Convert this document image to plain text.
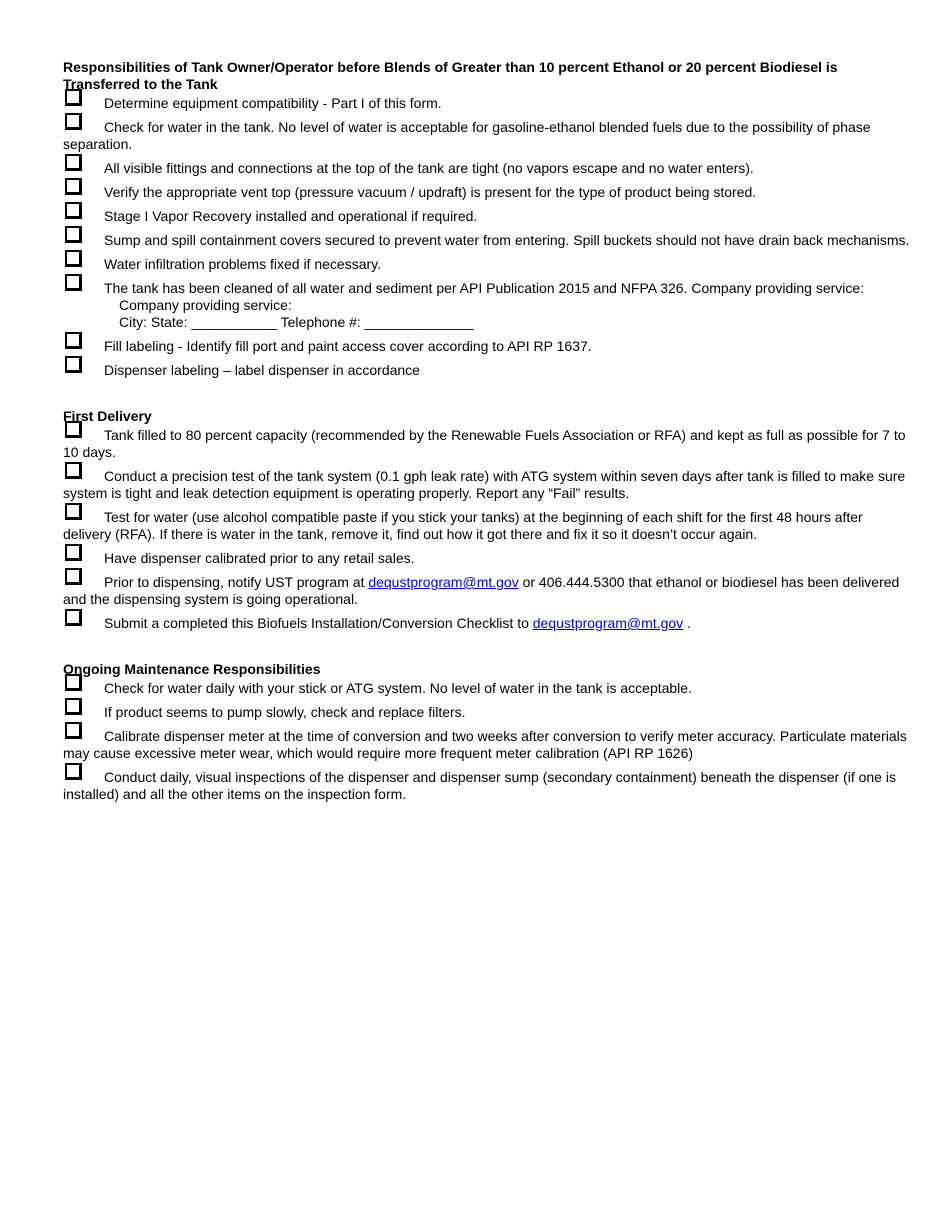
Responsibilities of Tank Owner/Operator before Blends of Greater than 10 percent Ethanol or 20 percent Biodiesel is Transferred to the Tank
Determine equipment compatibility - Part I of this form.
Check for water in the tank. No level of water is acceptable for gasoline-ethanol blended fuels due to the possibility of phase separation.
All visible fittings and connections at the top of the tank are tight (no vapors escape and no water enters).
Verify the appropriate vent top (pressure vacuum / updraft) is present for the type of product being stored.
Stage I Vapor Recovery installed and operational if required.
Sump and spill containment covers secured to prevent water from entering. Spill buckets should not have drain back mechanisms.
Water infiltration problems fixed if necessary.
The tank has been cleaned of all water and sediment per API Publication 2015 and NFPA 326. Company providing service:
Company providing service:
City: State: ___________ Telephone #: ______________
Fill labeling - Identify fill port and paint access cover according to API RP 1637.
Dispenser labeling – label dispenser in accordance
First Delivery
Tank filled to 80 percent capacity (recommended by the Renewable Fuels Association or RFA) and kept as full as possible for 7 to 10 days.
Conduct a precision test of the tank system (0.1 gph leak rate) with ATG system within seven days after tank is filled to make sure system is tight and leak detection equipment is operating properly. Report any “Fail” results.
Test for water (use alcohol compatible paste if you stick your tanks) at the beginning of each shift for the first 48 hours after delivery (RFA). If there is water in the tank, remove it, find out how it got there and fix it so it doesn’t occur again.
Have dispenser calibrated prior to any retail sales.
Prior to dispensing, notify UST program at dequstprogram@mt.gov or 406.444.5300 that ethanol or biodiesel has been delivered and the dispensing system is going operational.
Submit a completed this Biofuels Installation/Conversion Checklist to dequstprogram@mt.gov .
Ongoing Maintenance Responsibilities
Check for water daily with your stick or ATG system. No level of water in the tank is acceptable.
If product seems to pump slowly, check and replace filters.
Calibrate dispenser meter at the time of conversion and two weeks after conversion to verify meter accuracy. Particulate materials may cause excessive meter wear, which would require more frequent meter calibration (API RP 1626)
Conduct daily, visual inspections of the dispenser and dispenser sump (secondary containment) beneath the dispenser (if one is installed) and all the other items on the inspection form.
